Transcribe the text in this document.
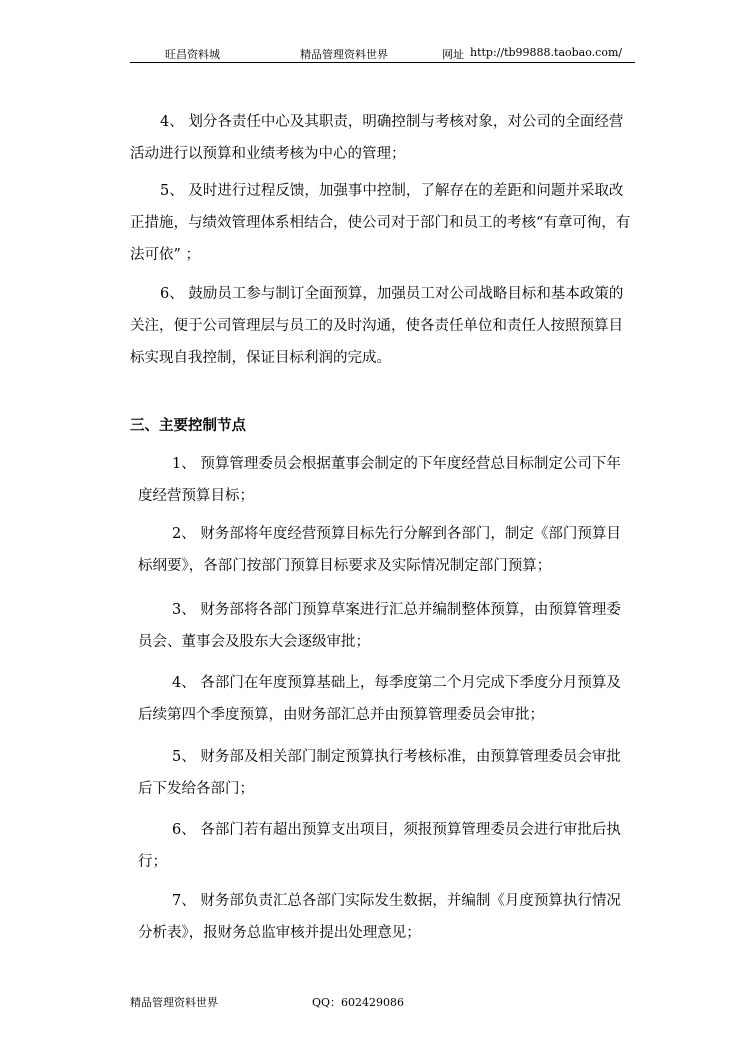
旺昌资料城	精品管理资料世界	网址 http://tb99888.taobao.com/

4、 划分各责任中心及其职责，明确控制与考核对象，对公司的全面经营活动进行以预算和业绩考核为中心的管理；

5、 及时进行过程反馈，加强事中控制，了解存在的差距和问题并采取改正措施，与绩效管理体系相结合，使公司对于部门和员工的考核“有章可徇，有法可依” ；

6、 鼓励员工参与制订全面预算，加强员工对公司战略目标和基本政策的关注，便于公司管理层与员工的及时沟通，使各责任单位和责任人按照预算目标实现自我控制，保证目标利润的完成。

三、主要控制节点

1、 预算管理委员会根据董事会制定的下年度经营总目标制定公司下年度经营预算目标；

2、 财务部将年度经营预算目标先行分解到各部门，制定《部门预算目标纲要》，各部门按部门预算目标要求及实际情况制定部门预算；

3、 财务部将各部门预算草案进行汇总并编制整体预算，由预算管理委员会、董事会及股东大会逐级审批；

4、 各部门在年度预算基础上，每季度第二个月完成下季度分月预算及后续第四个季度预算，由财务部汇总并由预算管理委员会审批；

5、 财务部及相关部门制定预算执行考核标准，由预算管理委员会审批后下发给各部门；

6、 各部门若有超出预算支出项目，须报预算管理委员会进行审批后执行；

7、 财务部负责汇总各部门实际发生数据，并编制《月度预算执行情况分析表》，报财务总监审核并提出处理意见；

精品管理资料世界	QQ：602429086
